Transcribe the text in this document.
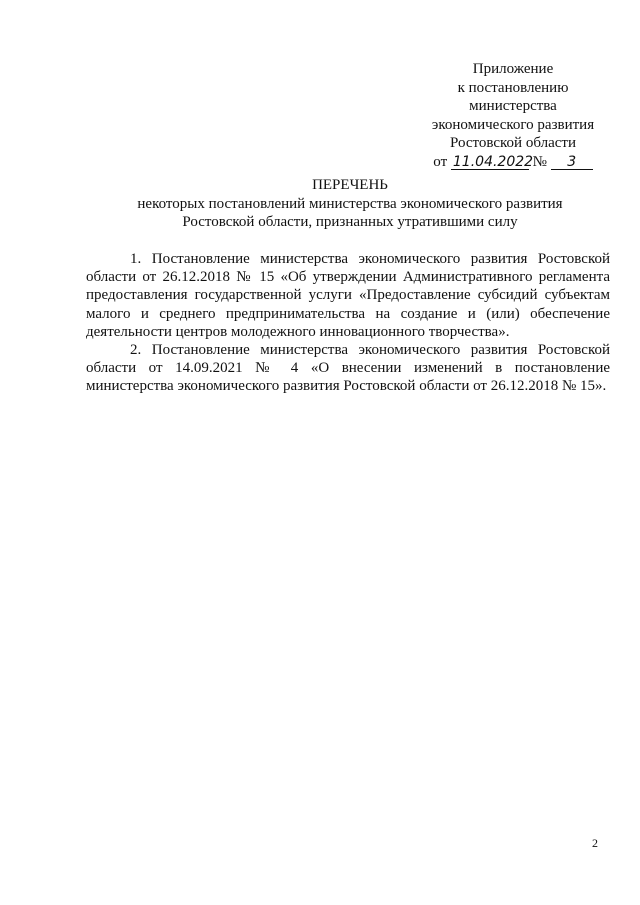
Приложение
к постановлению
министерства
экономического развития
Ростовской области
от 11.04.2022 № 3
ПЕРЕЧЕНЬ
некоторых постановлений министерства экономического развития
Ростовской области, признанных утратившими силу

1. Постановление министерства экономического развития Ростовской области от 26.12.2018 № 15 «Об утверждении Административного регламента предоставления государственной услуги «Предоставление субсидий субъектам малого и среднего предпринимательства на создание и (или) обеспечение деятельности центров молодежного инновационного творчества».

2. Постановление министерства экономического развития Ростовской области от 14.09.2021 № 4 «О внесении изменений в постановление министерства экономического развития Ростовской области от 26.12.2018 № 15».

2
